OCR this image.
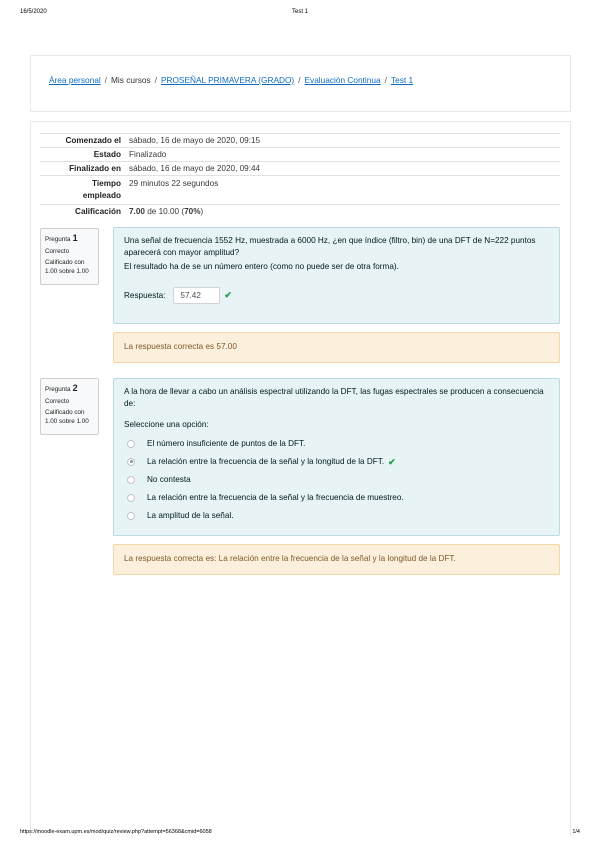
16/5/2020	Test 1
Área personal / Mis cursos / PROSEÑAL PRIMAVERA (GRADO) / Evaluación Continua / Test 1
Comenzado el	sábado, 16 de mayo de 2020, 09:15
Estado	Finalizado
Finalizado en	sábado, 16 de mayo de 2020, 09:44
Tiempo
empleado	29 minutos 22 segundos
Calificación	7.00 de 10.00 (70%)
Pregunta 1
Correcto
Calificado con 1.00 sobre 1.00
Una señal de frecuencia 1552 Hz, muestrada a 6000 Hz, ¿en que índice (filtro, bin) de una DFT de N=222 puntos aparecerá con mayor amplitud?
El resultado ha de se un número entero (como no puede ser de otra forma).
Respuesta:	57.42	✔
La respuesta correcta es 57.00
Pregunta 2
Correcto
Calificado con 1.00 sobre 1.00
A la hora de llevar a cabo un análisis espectral utilizando la DFT, las fugas espectrales se producen a consecuencia de:
Seleccione una opción:
El número insuficiente de puntos de la DFT.
La relación entre la frecuencia de la señal y la longitud de la DFT. ✔
No contesta
La relación entre la frecuencia de la señal y la frecuencia de muestreo.
La amplitud de la señal.
La respuesta correcta es: La relación entre la frecuencia de la señal y la longitud de la DFT.
https://moodle-exam.upm.es/mod/quiz/review.php?attempt=56368&cmid=6058	1/4
